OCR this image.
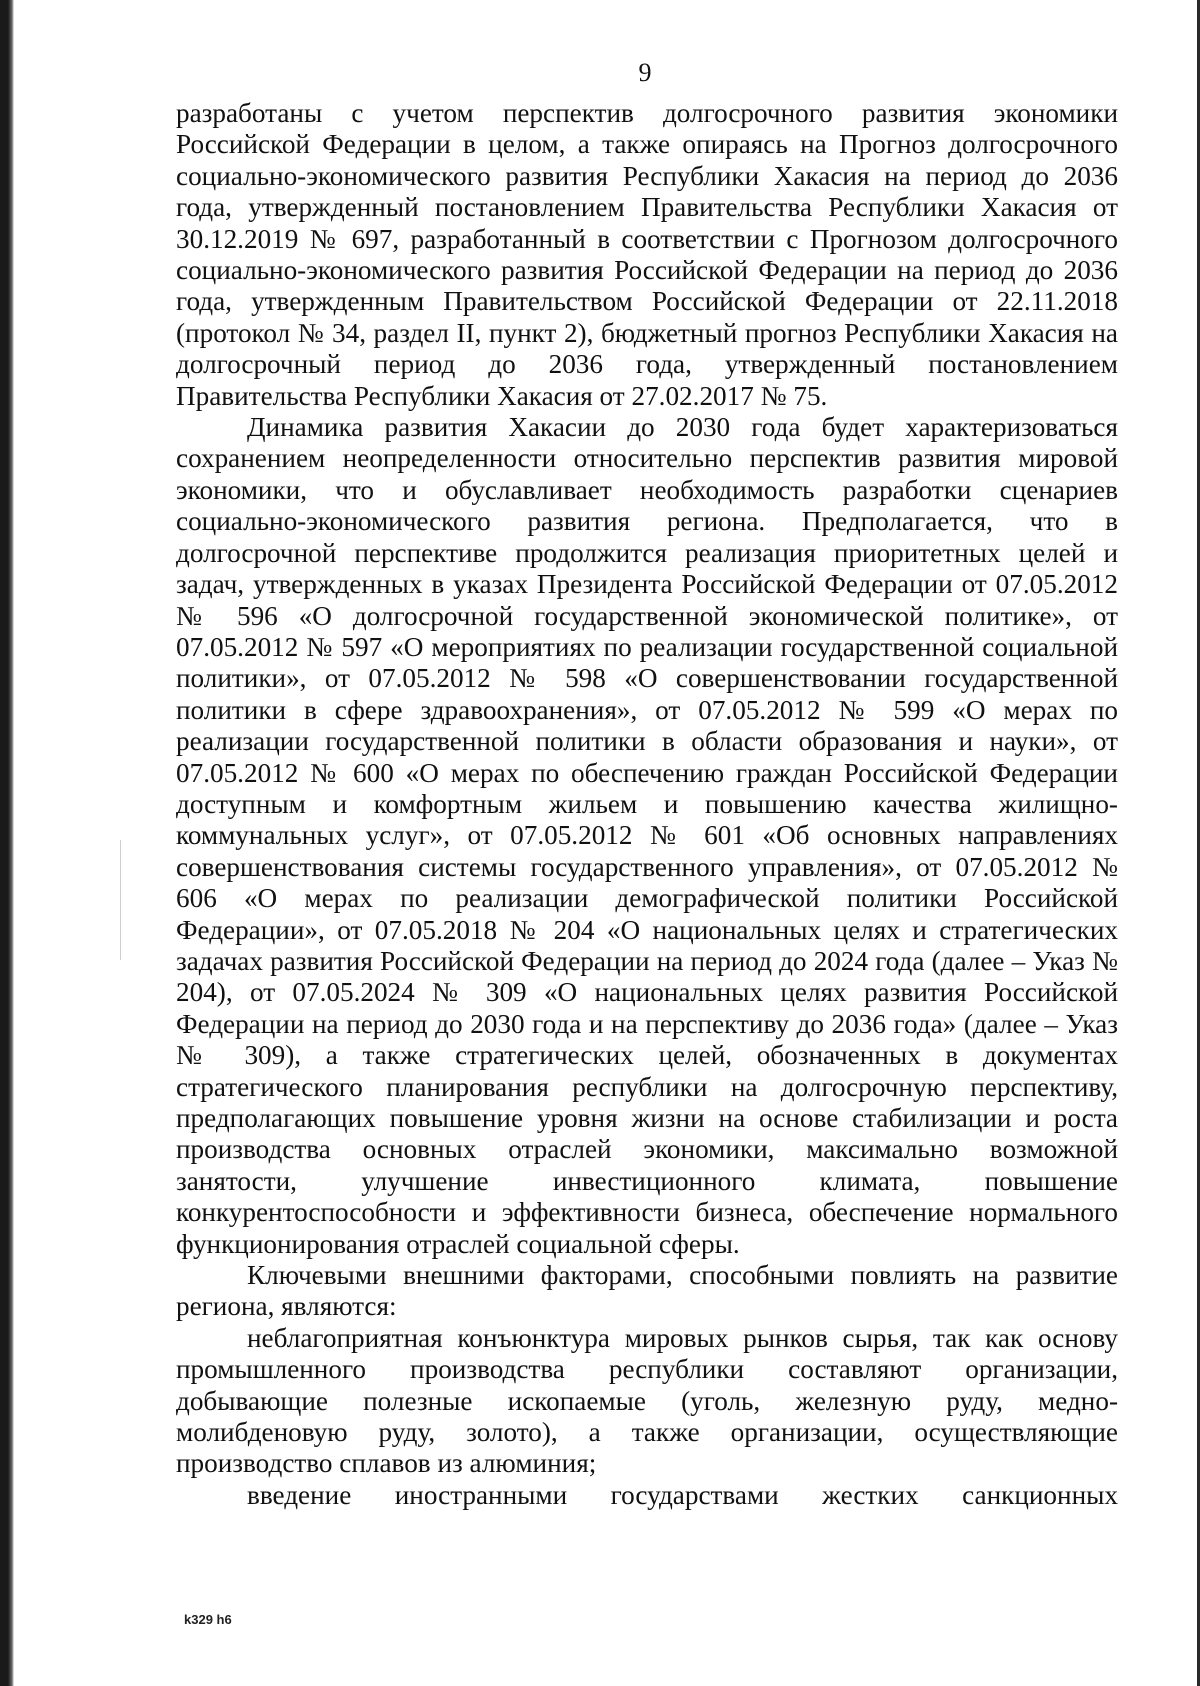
9

разработаны с учетом перспектив долгосрочного развития экономики Российской Федерации в целом, а также опираясь на Прогноз долгосрочного социально-экономического развития Республики Хакасия на период до 2036 года, утвержденный постановлением Правительства Республики Хакасия от 30.12.2019 № 697, разработанный в соответствии с Прогнозом долгосрочного социально-экономического развития Российской Федерации на период до 2036 года, утвержденным Правительством Российской Федерации от 22.11.2018 (протокол № 34, раздел II, пункт 2), бюджетный прогноз Республики Хакасия на долгосрочный период до 2036 года, утвержденный постановлением Правительства Республики Хакасия от 27.02.2017 № 75.

Динамика развития Хакасии до 2030 года будет характеризоваться сохранением неопределенности относительно перспектив развития мировой экономики, что и обуславливает необходимость разработки сценариев социально-экономического развития региона. Предполагается, что в долгосрочной перспективе продолжится реализация приоритетных целей и задач, утвержденных в указах Президента Российской Федерации от 07.05.2012 № 596 «О долгосрочной государственной экономической политике», от 07.05.2012 № 597 «О мероприятиях по реализации государственной социальной политики», от 07.05.2012 № 598 «О совершенствовании государственной политики в сфере здравоохранения», от 07.05.2012 № 599 «О мерах по реализации государственной политики в области образования и науки», от 07.05.2012 № 600 «О мерах по обеспечению граждан Российской Федерации доступным и комфортным жильем и повышению качества жилищно-коммунальных услуг», от 07.05.2012 № 601 «Об основных направлениях совершенствования системы государственного управления», от 07.05.2012 № 606 «О мерах по реализации демографической политики Российской Федерации», от 07.05.2018 № 204 «О национальных целях и стратегических задачах развития Российской Федерации на период до 2024 года (далее – Указ № 204), от 07.05.2024 № 309 «О национальных целях развития Российской Федерации на период до 2030 года и на перспективу до 2036 года» (далее – Указ № 309), а также стратегических целей, обозначенных в документах стратегического планирования республики на долгосрочную перспективу, предполагающих повышение уровня жизни на основе стабилизации и роста производства основных отраслей экономики, максимально возможной занятости, улучшение инвестиционного климата, повышение конкурентоспособности и эффективности бизнеса, обеспечение нормального функционирования отраслей социальной сферы.

Ключевыми внешними факторами, способными повлиять на развитие региона, являются:

неблагоприятная конъюнктура мировых рынков сырья, так как основу промышленного производства республики составляют организации, добывающие полезные ископаемые (уголь, железную руду, медно-молибденовую руду, золото), а также организации, осуществляющие производство сплавов из алюминия;

введение иностранными государствами жестких санкционных

k329 h6
